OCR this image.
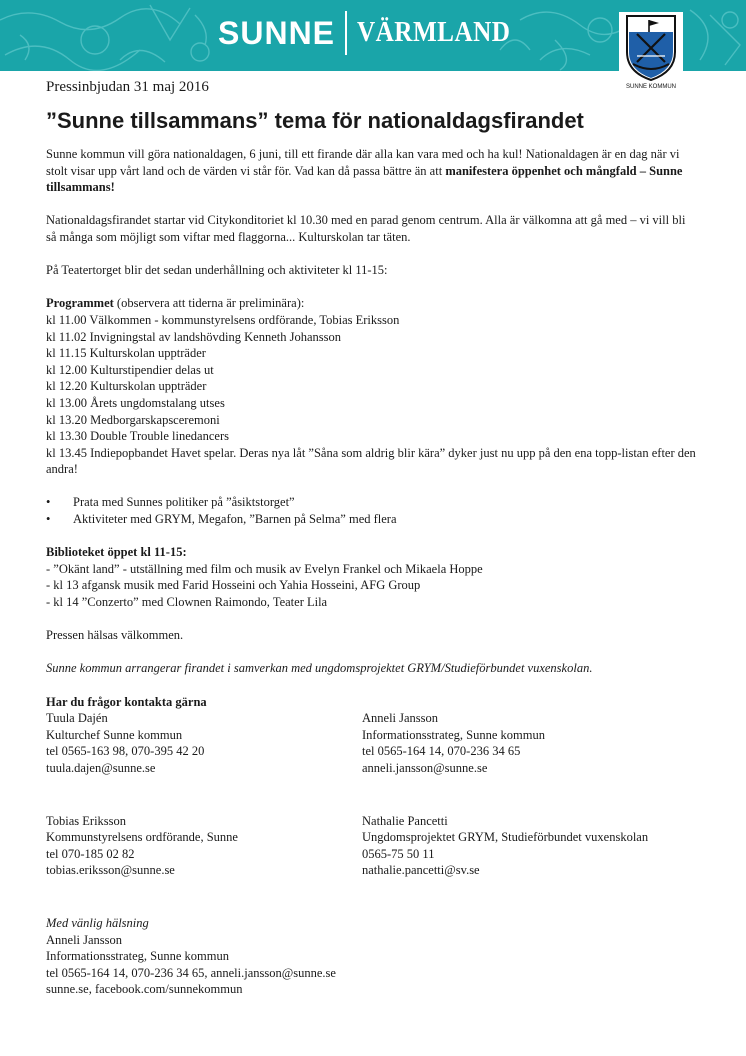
SUNNE VÄRMLAND
SUNNE KOMMUN

Pressinbjudan 31 maj 2016

”Sunne tillsammans” tema för nationaldagsfirandet

Sunne kommun vill göra nationaldagen, 6 juni, till ett firande där alla kan vara med och ha kul! Nationaldagen är en dag när vi stolt visar upp vårt land och de värden vi står för. Vad kan då passa bättre än att manifestera öppenhet och mångfald – Sunne tillsammans!

Nationaldagsfirandet startar vid Citykonditoriet kl 10.30 med en parad genom centrum. Alla är välkomna att gå med – vi vill bli så många som möjligt som viftar med flaggorna... Kulturskolan tar täten.

På Teatertorget blir det sedan underhållning och aktiviteter kl 11-15:

Programmet (observera att tiderna är preliminära):

kl 11.00 Välkommen - kommunstyrelsens ordförande, Tobias Eriksson

kl 11.02 Invigningstal av landshövding Kenneth Johansson

kl 11.15 Kulturskolan uppträder

kl 12.00 Kulturstipendier delas ut

kl 12.20 Kulturskolan uppträder

kl 13.00 Årets ungdomstalang utses

kl 13.20 Medborgarskapsceremoni

kl 13.30 Double Trouble linedancers

kl 13.45 Indiepopbandet Havet spelar. Deras nya låt ”Såna som aldrig blir kära” dyker just nu upp på den ena topp-listan efter den andra!

• Prata med Sunnes politiker på ”åsiktstorget”
• Aktiviteter med GRYM, Megafon, ”Barnen på Selma” med flera

Biblioteket öppet kl 11-15:

- ”Okänt land” - utställning med film och musik av Evelyn Frankel och Mikaela Hoppe

- kl 13 afgansk musik med Farid Hosseini och Yahia Hosseini, AFG Group

- kl 14 ”Conzerto” med Clownen Raimondo, Teater Lila

Pressen hälsas välkommen.

Sunne kommun arrangerar firandet i samverkan med ungdomsprojektet GRYM/Studieförbundet vuxenskolan.

Har du frågor kontakta gärna

Tuula Dajén

Kulturchef Sunne kommun

tel 0565-163 98, 070-395 42 20

tuula.dajen@sunne.se

Anneli Jansson

Informationsstrateg, Sunne kommun

tel 0565-164 14, 070-236 34 65

anneli.jansson@sunne.se

Tobias Eriksson

Kommunstyrelsens ordförande, Sunne

tel 070-185 02 82

tobias.eriksson@sunne.se

Nathalie Pancetti

Ungdomsprojektet GRYM, Studieförbundet vuxenskolan

0565-75 50 11

nathalie.pancetti@sv.se

Med vänlig hälsning

Anneli Jansson

Informationsstrateg, Sunne kommun

tel 0565-164 14, 070-236 34 65, anneli.jansson@sunne.se

sunne.se, facebook.com/sunnekommun
